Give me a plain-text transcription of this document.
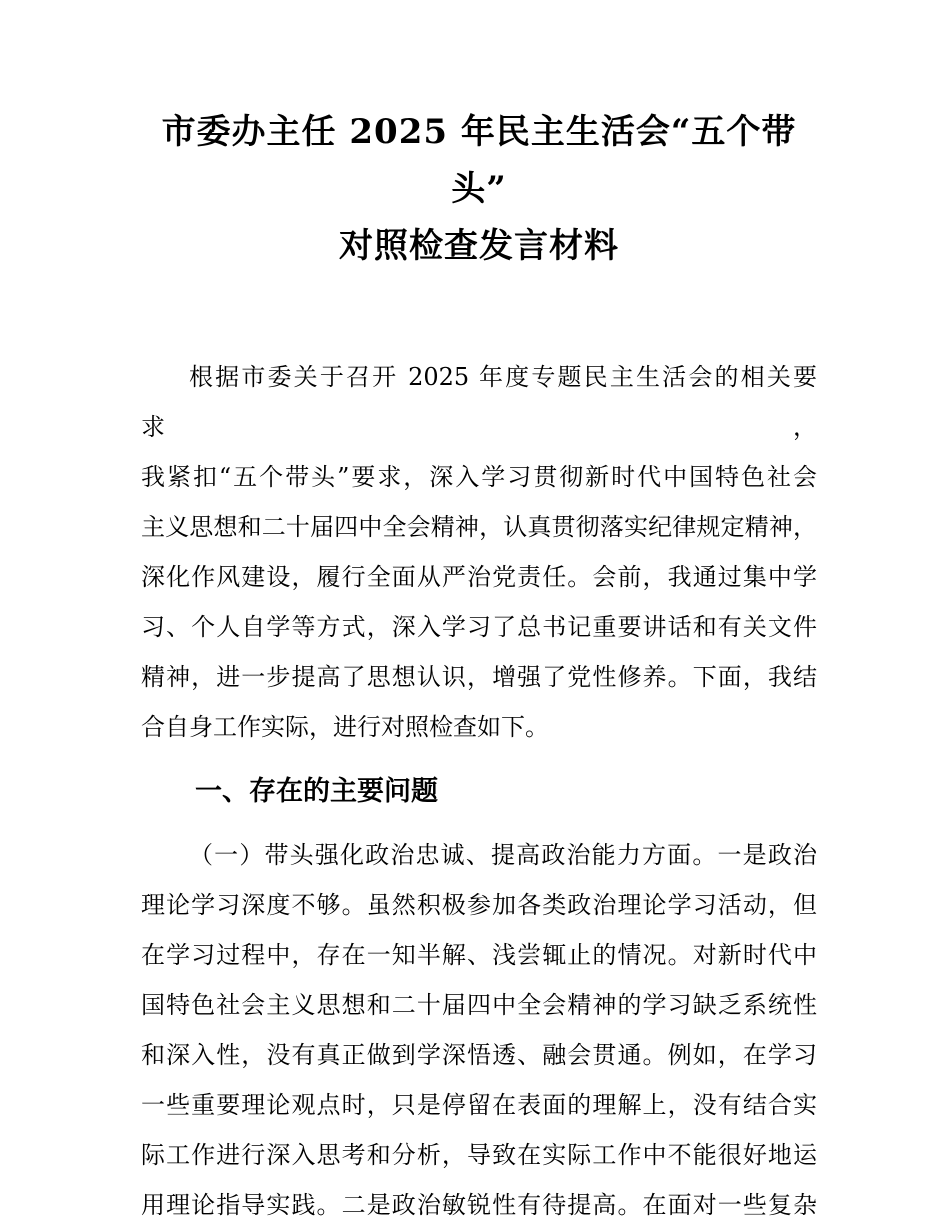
市委办主任 2025 年民主生活会“五个带头”
对照检查发言材料
根据市委关于召开 2025 年度专题民主生活会的相关要求，
我紧扣“五个带头”要求，深入学习贯彻新时代中国特色社会
主义思想和二十届四中全会精神，认真贯彻落实纪律规定精神，
深化作风建设，履行全面从严治党责任。会前，我通过集中学
习、个人自学等方式，深入学习了总书记重要讲话和有关文件
精神，进一步提高了思想认识，增强了党性修养。下面，我结
合自身工作实际，进行对照检查如下。
一、存在的主要问题
（一）带头强化政治忠诚、提高政治能力方面。一是政治
理论学习深度不够。虽然积极参加各类政治理论学习活动，但
在学习过程中，存在一知半解、浅尝辄止的情况。对新时代中
国特色社会主义思想和二十届四中全会精神的学习缺乏系统性
和深入性，没有真正做到学深悟透、融会贯通。例如，在学习
一些重要理论观点时，只是停留在表面的理解上，没有结合实
际工作进行深入思考和分析，导致在实际工作中不能很好地运
用理论指导实践。二是政治敏锐性有待提高。在面对一些复杂
